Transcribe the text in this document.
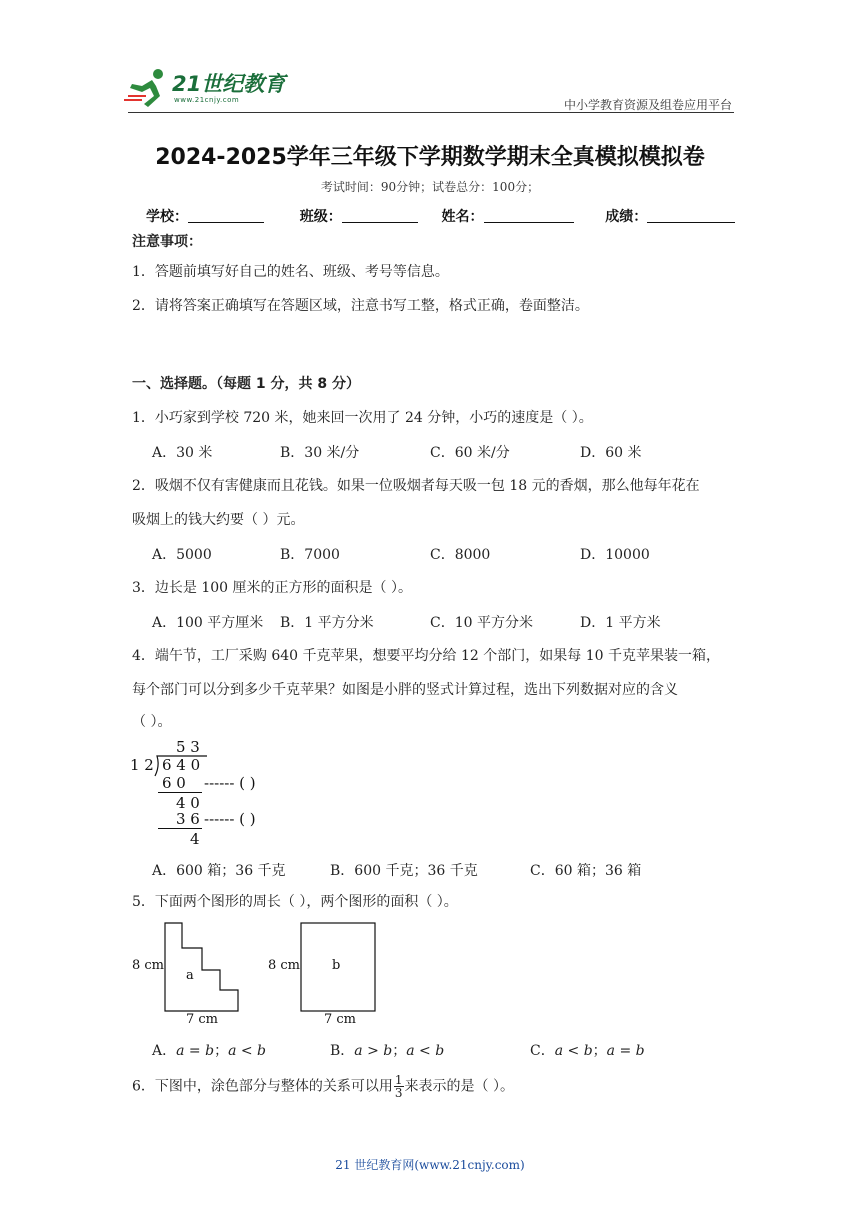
21世纪教育
www.21cnjy.com	中小学教育资源及组卷应用平台
2024-2025学年三年级下学期数学期末全真模拟模拟卷
考试时间：90分钟；试卷总分：100分；
学校：	班级：	姓名：	成绩：
注意事项：
1．答题前填写好自己的姓名、班级、考号等信息。
2．请将答案正确填写在答题区域，注意书写工整，格式正确，卷面整洁。
一、选择题。（每题 1 分，共 8 分）
1．小巧家到学校 720 米，她来回一次用了 24 分钟，小巧的速度是（ ）。
A．30 米	B．30 米/分	C．60 米/分	D．60 米
2．吸烟不仅有害健康而且花钱。如果一位吸烟者每天吸一包 18 元的香烟，那么他每年花在
吸烟上的钱大约要（ ）元。
A．5000	B．7000	C．8000	D．10000
3．边长是 100 厘米的正方形的面积是（ ）。
A．100 平方厘米 B．1 平方分米	C．10 平方分米	D．1 平方米
4．端午节，工厂采购 640 千克苹果，想要平均分给 12 个部门，如果每 10 千克苹果装一箱，
每个部门可以分到多少千克苹果？如图是小胖的竖式计算过程，选出下列数据对应的含义
（ ）。
5 3
1 2 6 4 0
6 0
4 0
3 6
4
------ ( )
------ ( )
A．600 箱；36 千克	B．600 千克；36 千克	C．60 箱；36 箱
5．下面两个图形的周长（ ），两个图形的面积（ ）。
a
8 cm
7 cm
b
8 cm
7 cm
A．a = b；a < b	B．a > b；a < b	C．a < b；a = b
6．下图中，涂色部分与整体的关系可以用 $\frac{1}{3}$ 来表示的是（ ）。
21 世纪教育网(www.21cnjy.com)
